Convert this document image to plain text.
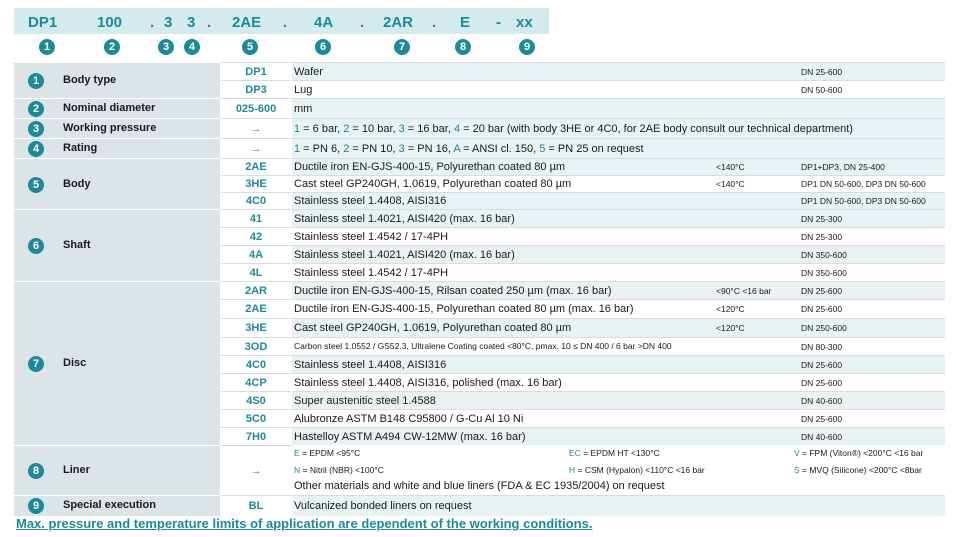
DP1	100 . 3 3 . 2AE . 4A . 2AR . E - xx
1	2	3	4	5	6	7	8	9
1	Body type
DP1	Wafer	DN 25-600
DP3	Lug	DN 50-600
2	Nominal diameter	025-600	mm
3	Working pressure	→	1 = 6 bar, 2 = 10 bar, 3 = 16 bar, 4 = 20 bar (with body 3HE or 4C0, for 2AE body consult our technical department)
4	Rating	→	1 = PN 6, 2 = PN 10, 3 = PN 16, A = ANSI cl. 150, 5 = PN 25 on request
5	Body
2AE	Ductile iron EN-GJS-400-15, Polyurethan coated 80 µm	<140°C	DP1+DP3, DN 25-400
3HE	Cast steel GP240GH, 1.0619, Polyurethan coated 80 µm	<140°C	DP1 DN 50-600, DP3 DN 50-600
4C0	Stainless steel 1.4408, AISI316	DP1 DN 50-600, DP3 DN 50-600
6	Shaft
41	Stainless steel 1.4021, AISI420 (max. 16 bar)	DN 25-300
42	Stainless steel 1.4542 / 17-4PH	DN 25-300
4A	Stainless steel 1.4021, AISI420 (max. 16 bar)	DN 350-600
4L	Stainless steel 1.4542 / 17-4PH	DN 350-600
7	Disc
2AR	Ductile iron EN-GJS-400-15, Rilsan coated 250 µm (max. 16 bar)	<90°C <16 bar	DN 25-600
2AE	Ductile iron EN-GJS-400-15, Polyurethan coated 80 µm (max. 16 bar)	<120°C	DN 25-600
3HE	Cast steel GP240GH, 1.0619, Polyurethan coated 80 µm	<120°C	DN 250-600
3OD	Carbon steel 1.0552 / GS52.3, Ultralene Coating coated <80°C, pmax. 10 ≤ DN 400 / 6 bar >DN 400	DN 80-300
4C0	Stainless steel 1.4408, AISI316	DN 25-600
4CP	Stainless steel 1.4408, AISI316, polished (max. 16 bar)	DN 25-600
4S0	Super austenitic steel 1.4588	DN 40-600
5C0	Alubronze ASTM B148 C95800 / G-Cu Al 10 Ni	DN 25-600
7H0	Hastelloy ASTM A494 CW-12MW (max. 16 bar)	DN 40-600
8	Liner	→
E = EPDM <95°C	EC = EPDM HT <130°C	V = FPM (Viton®) <200°C <16 bar
N = Nitril (NBR) <100°C	H = CSM (Hypalon) <110°C <16 bar	S = MVQ (Silicone) <200°C <8bar
Other materials and white and blue liners (FDA & EC 1935/2004) on request
9	Special execution	BL	Vulcanized bonded liners on request
Max. pressure and temperature limits of application are dependent of the working conditions.
